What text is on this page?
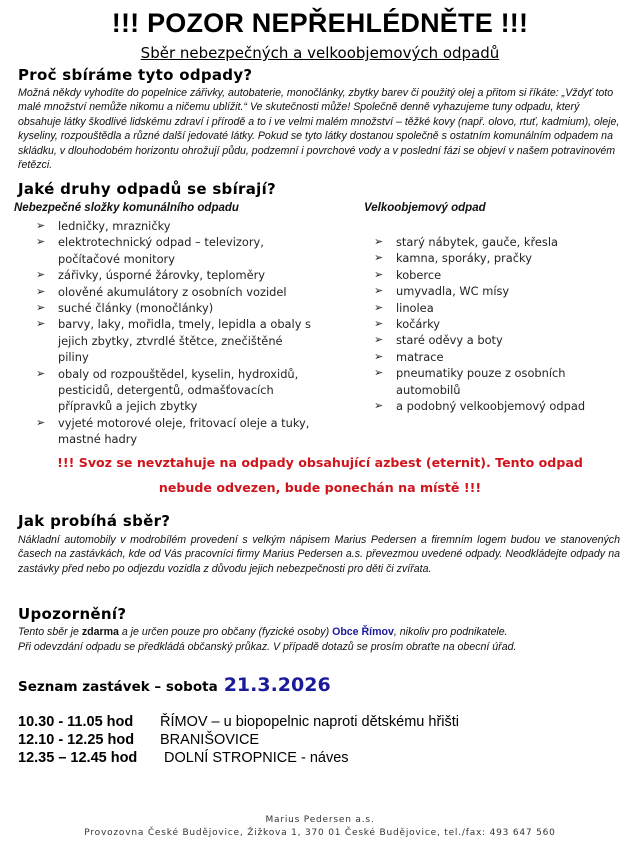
!!! POZOR NEPŘEHLÉDNĚTE !!!
Sběr nebezpečných a velkoobjemových odpadů
Proč sbíráme tyto odpady?
Možná někdy vyhodíte do popelnice zářivky, autobaterie, monočlánky, zbytky barev či použitý olej a přitom si říkáte: „Vždyť toto malé množství nemůže nikomu a ničemu ublížit.“ Ve skutečnosti může! Společně denně vyhazujeme tuny odpadu, který obsahuje látky škodlivé lidskému zdraví i přírodě a to i ve velmi malém množství – těžké kovy (např. olovo, rtuť, kadmium), oleje, kyseliny, rozpouštědla a různé další jedovaté látky. Pokud se tyto látky dostanou společně s ostatním komunálním odpadem na skládku, v dlouhodobém horizontu ohrožují půdu, podzemní i povrchové vody a v poslední fázi se objeví v našem potravinovém řetězci.
Jaké druhy odpadů se sbírají?
Nebezpečné složky komunálního odpadu
➢ ledničky, mrazničky
➢ elektrotechnický odpad – televizory, počítačové monitory
➢ zářivky, úsporné žárovky, teploměry
➢ olověné akumulátory z osobních vozidel
➢ suché články (monočlánky)
➢ barvy, laky, mořidla, tmely, lepidla a obaly s jejich zbytky, ztvrdlé štětce, znečištěné piliny
➢ obaly od rozpouštědel, kyselin, hydroxidů, pesticidů, detergentů, odmašťovacích přípravků a jejich zbytky
➢ vyjeté motorové oleje, fritovací oleje a tuky, mastné hadry
Velkoobjemový odpad
➢ starý nábytek, gauče, křesla
➢ kamna, sporáky, pračky
➢ koberce
➢ umyvadla, WC mísy
➢ linolea
➢ kočárky
➢ staré oděvy a boty
➢ matrace
➢ pneumatiky pouze z osobních automobilů
➢ a podobný velkoobjemový odpad
!!! Svoz se nevztahuje na odpady obsahující azbest (eternit). Tento odpad
nebude odvezen, bude ponechán na místě !!!
Jak probíhá sběr?
Nákladní automobily v modrobílém provedení s velkým nápisem Marius Pedersen a firemním logem budou ve stanovených časech na zastávkách, kde od Vás pracovníci firmy Marius Pedersen a.s. převezmou uvedené odpady. Neodkládejte odpady na zastávky před nebo po odjezdu vozidla z důvodu jejich nebezpečnosti pro děti či zvířata.
Upozornění?
Tento sběr je zdarma a je určen pouze pro občany (fyzické osoby) Obce Římov, nikoliv pro podnikatele.
Při odevzdání odpadu se předkládá občanský průkaz. V případě dotazů se prosím obraťte na obecní úřad.
Seznam zastávek – sobota 21.3.2026
10.30 - 11.05 hod ŘÍMOV – u biopopelnic naproti dětskému hřišti
12.10 - 12.25 hod BRANIŠOVICE
12.35 – 12.45 hod DOLNÍ STROPNICE - náves
Marius Pedersen a.s.
Provozovna České Budějovice, Žižkova 1, 370 01 České Budějovice, tel./fax: 493 647 560
